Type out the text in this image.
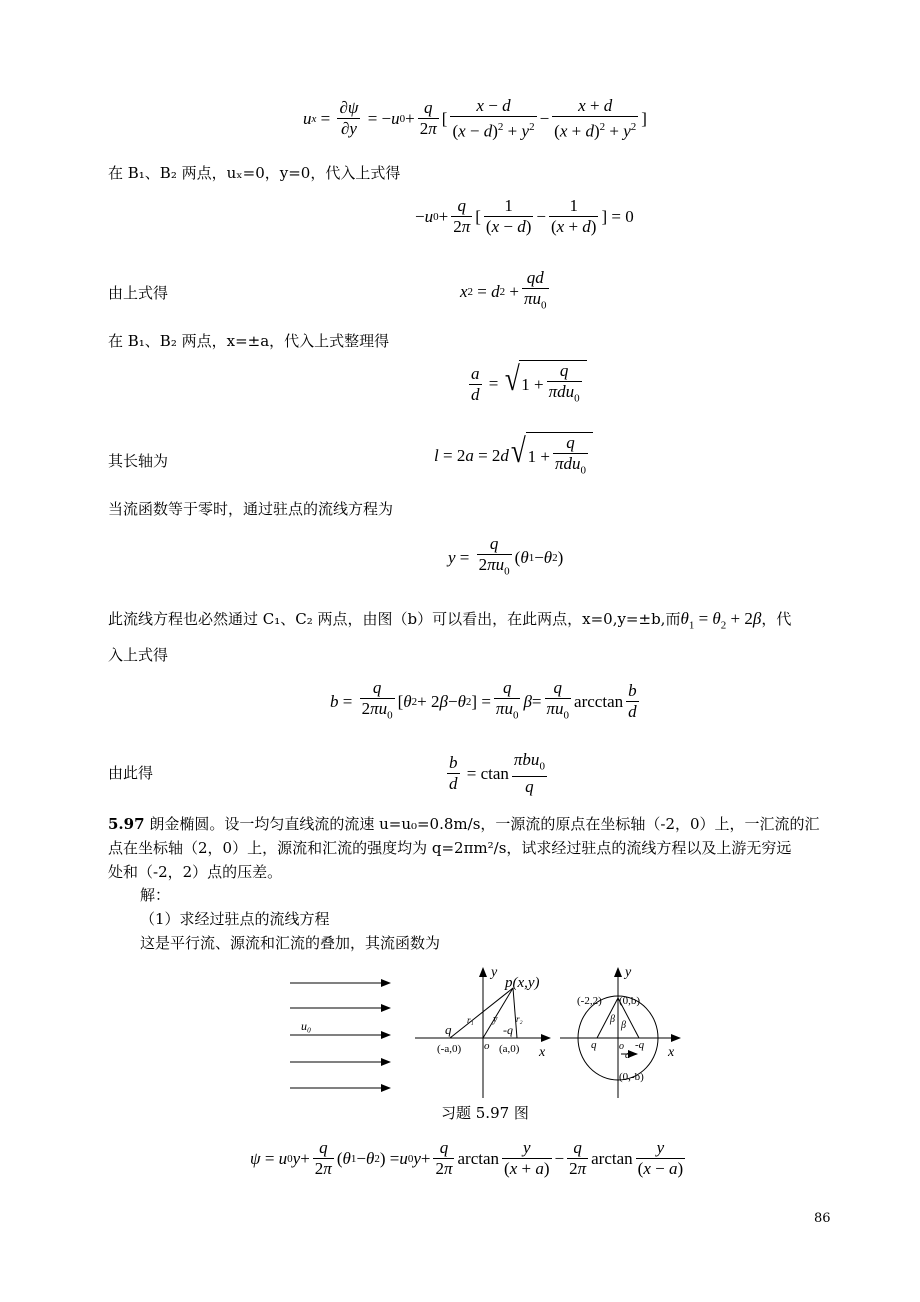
u $x = \frac{\partial\psi}{\partial y}$ = − u $0 + \frac{q}{2\pi}$ [ $\frac{x - d}{(x - d)^2 + y^2} - \frac{x + d}{(x + d)^2 + y^2}$ ]
在 B₁、B₂ 两点，uₓ=0，y=0，代入上式得
− u $0 + \frac{q}{2\pi}$ [ $\frac{1}{(x - d)} - \frac{1}{(x + d)}$ ] = 0
由上式得	x 2 = d $2 + \frac{qd}{\pi u_0}$
在 B₁、B₂ 两点，x=±a，代入上式整理得
$\frac{a}{d}$ = √ $1 + \frac{q}{\pi du_0}$
其长轴为	l = 2 a = 2 d √ $1 + \frac{q}{\pi du_0}$
当流函数等于零时，通过驻点的流线方程为
$y = \frac{q}{2\pi u_0}$ ( θ 1 − θ 2 )
此流线方程也必然通过 C₁、C₂ 两点，由图（b）可以看出，在此两点，x=0,y=±b,而$\theta_1 = \theta_2 + 2\beta$，代
入上式得
$b = \frac{q}{2\pi u_0}$ [ θ 2 + 2 β − θ 2 ] = $\frac{q}{\pi u_0}$ $\beta = \frac{q}{\pi u_0}$ arcctan $\frac{b}{d}$
由此得	$\frac{b}{d} = ctan \frac{\pi bu_0}{q}$
5.97 朗金椭圆。设一均匀直线流的流速 u=u₀=0.8m/s，一源流的原点在坐标轴（-2，0）上，一汇流的汇
点在坐标轴（2，0）上，源流和汇流的强度均为 q=2πm²/s，试求经过驻点的流线方程以及上游无穷远
处和（-2，2）点的压差。
解：
（1）求经过驻点的流线方程
这是平行流、源流和汇流的叠加，其流函数为
u₀
y
x
p(x,y)
r₁	r₂
y
q	-q
o
(-a,0)	(a,0)
y
x
(-2,2) (0,b)
(0,-b)
β
β
q	-q
o
a
习题 5.97 图
ψ = u 0 $y + \frac{q}{2\pi}$ ( θ 1 − θ 2 ) = u 0 $y + \frac{q}{2\pi}$ $\arctan \frac{y}{(x + a)} - \frac{q}{2\pi}$ $\arctan \frac{y}{(x - a)}$
86
